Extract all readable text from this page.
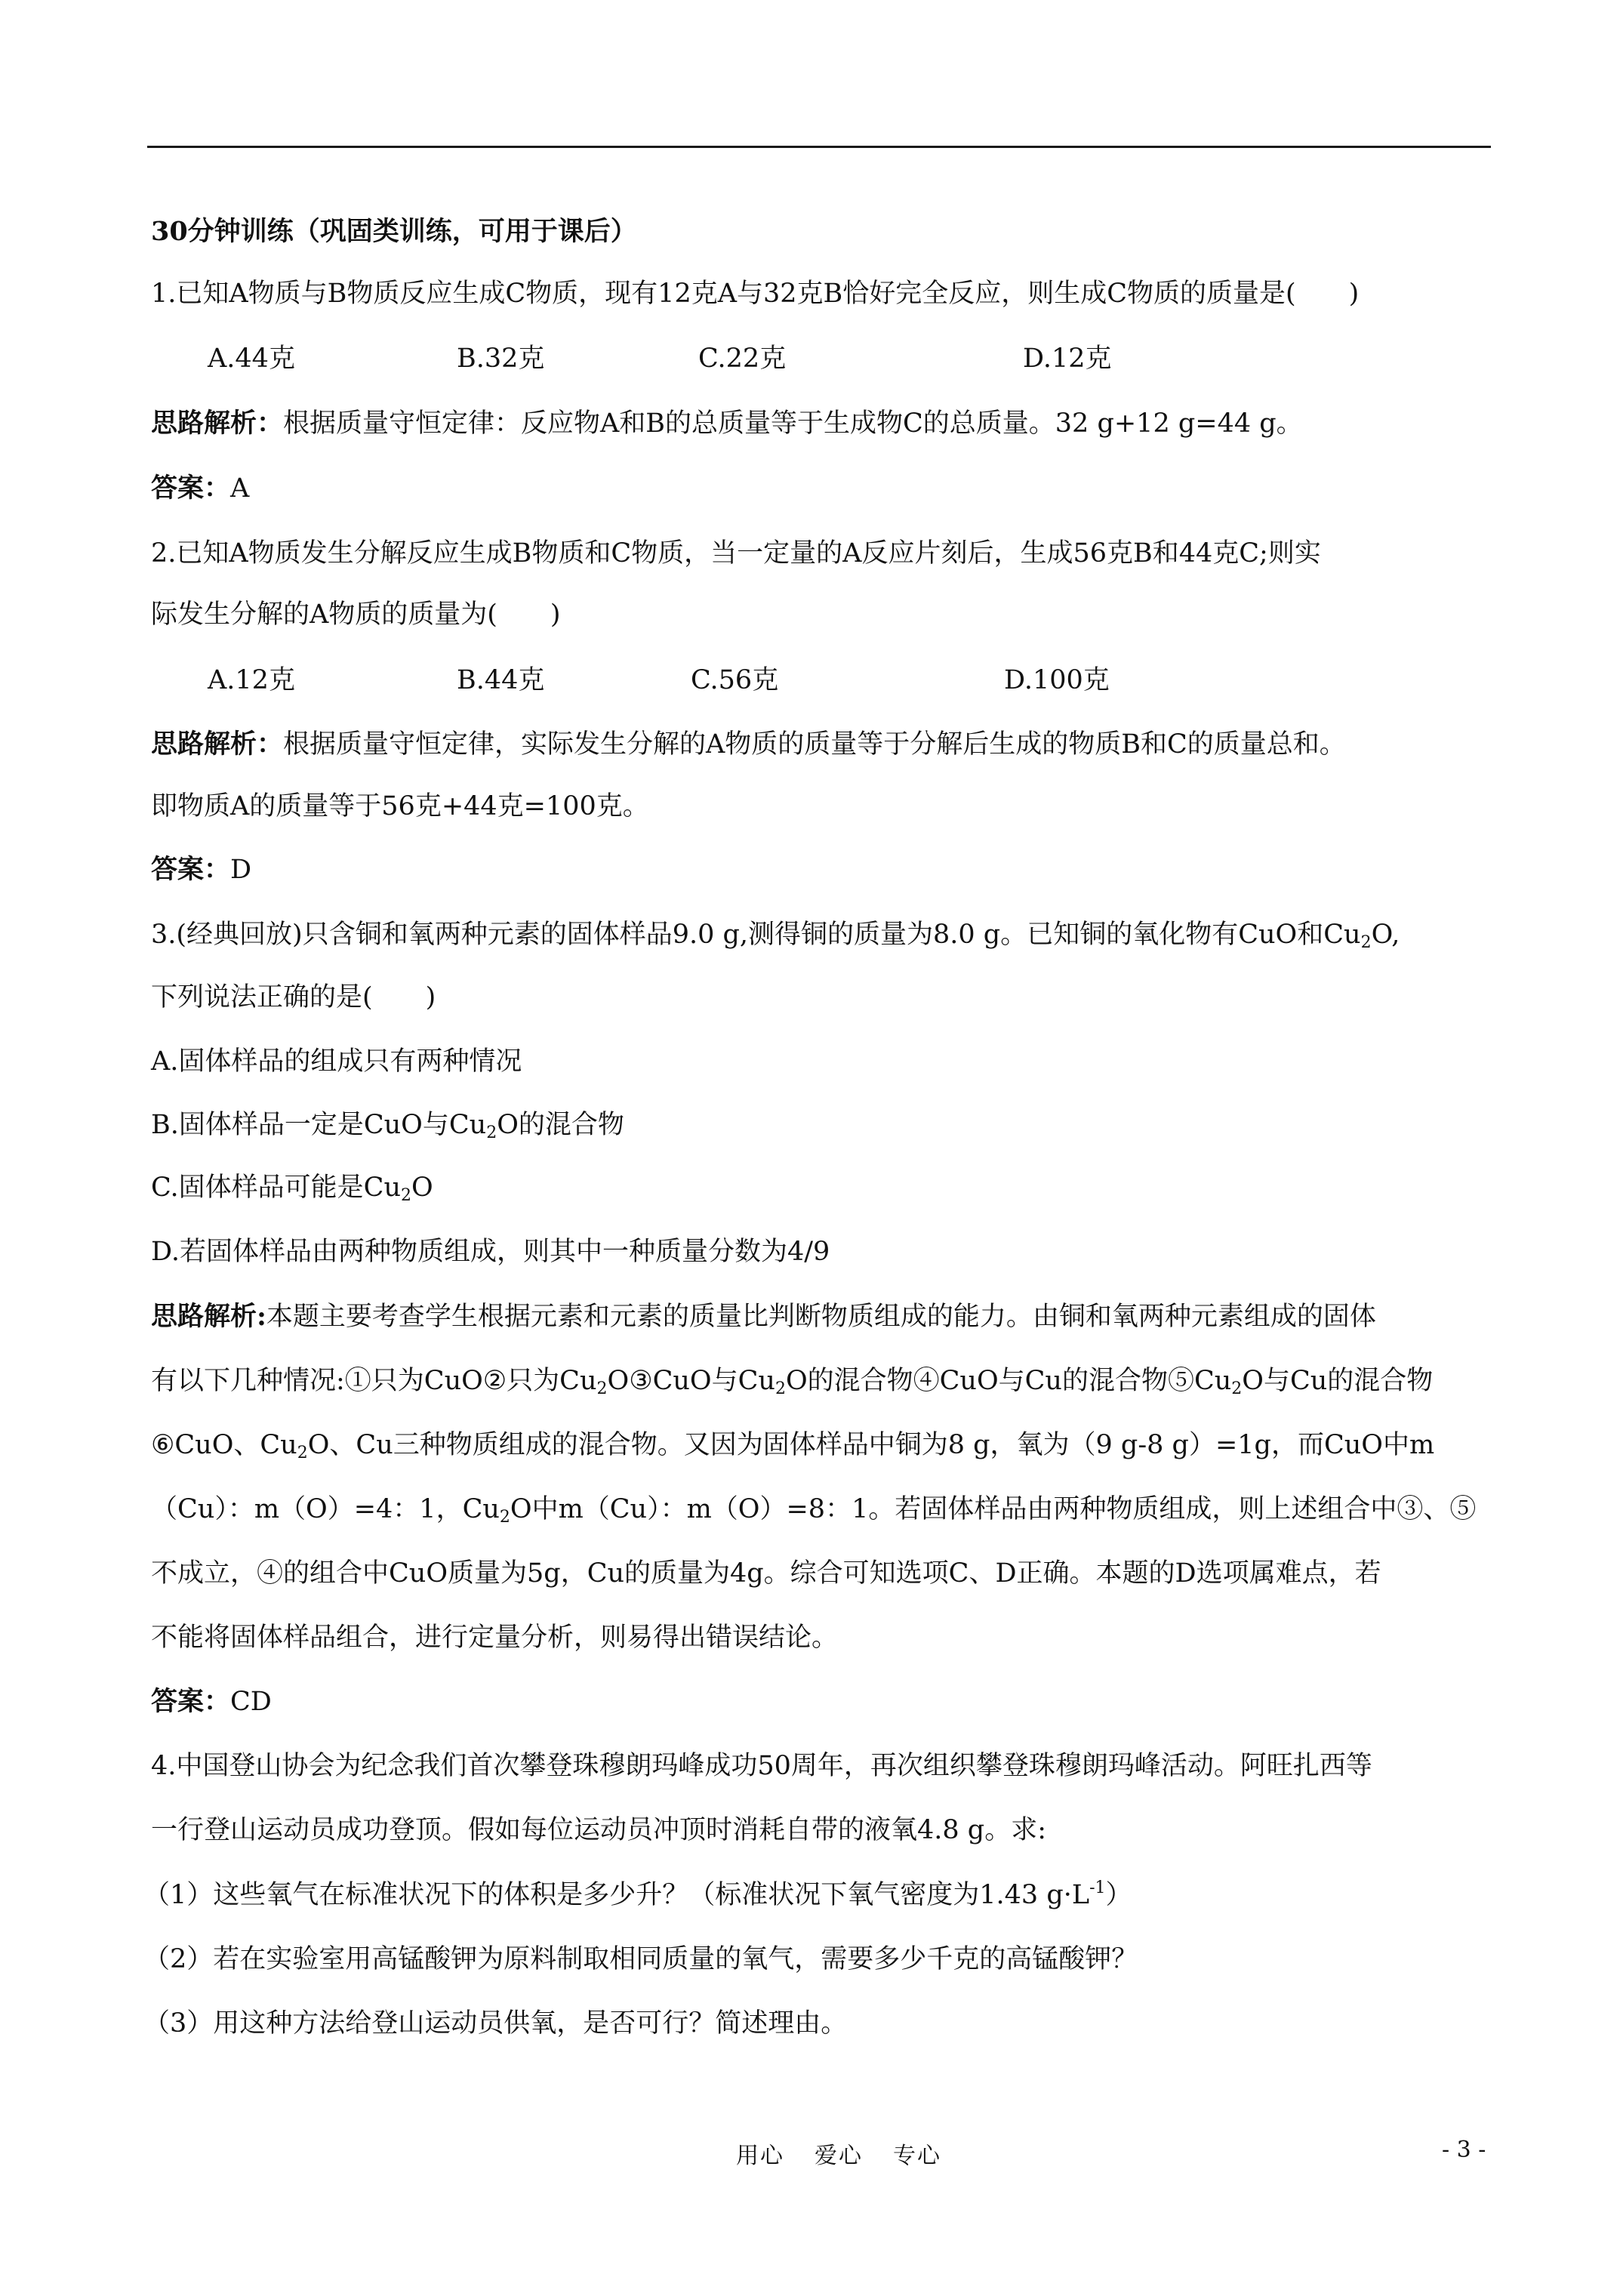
30分钟训练（巩固类训练，可用于课后）
1.已知A物质与B物质反应生成C物质，现有12克A与32克B恰好完全反应，则生成C物质的质量是(　　)
A.44克	B.32克	C.22克	D.12克
思路解析：根据质量守恒定律：反应物A和B的总质量等于生成物C的总质量。32 g+12 g=44 g。
答案：A
2.已知A物质发生分解反应生成B物质和C物质，当一定量的A反应片刻后，生成56克B和44克C;则实
际发生分解的A物质的质量为(　　)
A.12克	B.44克	C.56克	D.100克
思路解析：根据质量守恒定律，实际发生分解的A物质的质量等于分解后生成的物质B和C的质量总和。
即物质A的质量等于56克+44克=100克。
答案：D
3.(经典回放)只含铜和氧两种元素的固体样品9.0 g,测得铜的质量为8.0 g。已知铜的氧化物有CuO和$Cu_2O$,
下列说法正确的是(　　)
A.固体样品的组成只有两种情况
B.固体样品一定是CuO与$Cu_2O$的混合物
C.固体样品可能是$Cu_2O$
D.若固体样品由两种物质组成，则其中一种质量分数为4/9
思路解析:本题主要考查学生根据元素和元素的质量比判断物质组成的能力。由铜和氧两种元素组成的固体
有以下几种情况:①只为CuO②只为$Cu_2O③CuO$与$Cu_2O$的混合物④CuO与Cu的混合物$⑤Cu_2O$与Cu的混合物
⑥CuO、$Cu_2O$、Cu三种物质组成的混合物。又因为固体样品中铜为8 g，氧为（9 g-8 g）=1g，而CuO中m
（Cu）：m（O）=4：1，$Cu_2O$中m（Cu）：m（O）=8：1。若固体样品由两种物质组成，则上述组合中③、⑤
不成立，④的组合中CuO质量为5g，Cu的质量为4g。综合可知选项C、D正确。本题的D选项属难点，若
不能将固体样品组合，进行定量分析，则易得出错误结论。
答案：CD
4.中国登山协会为纪念我们首次攀登珠穆朗玛峰成功50周年，再次组织攀登珠穆朗玛峰活动。阿旺扎西等
一行登山运动员成功登顶。假如每位运动员冲顶时消耗自带的液氧4.8 g。求:
（1）这些氧气在标准状况下的体积是多少升？（标准状况下氧气密度为1.43 $g\cdot L^{-1}$）
（2）若在实验室用高锰酸钾为原料制取相同质量的氧气，需要多少千克的高锰酸钾？
（3）用这种方法给登山运动员供氧，是否可行？简述理由。
用心 爱心 专心	- 3 -
